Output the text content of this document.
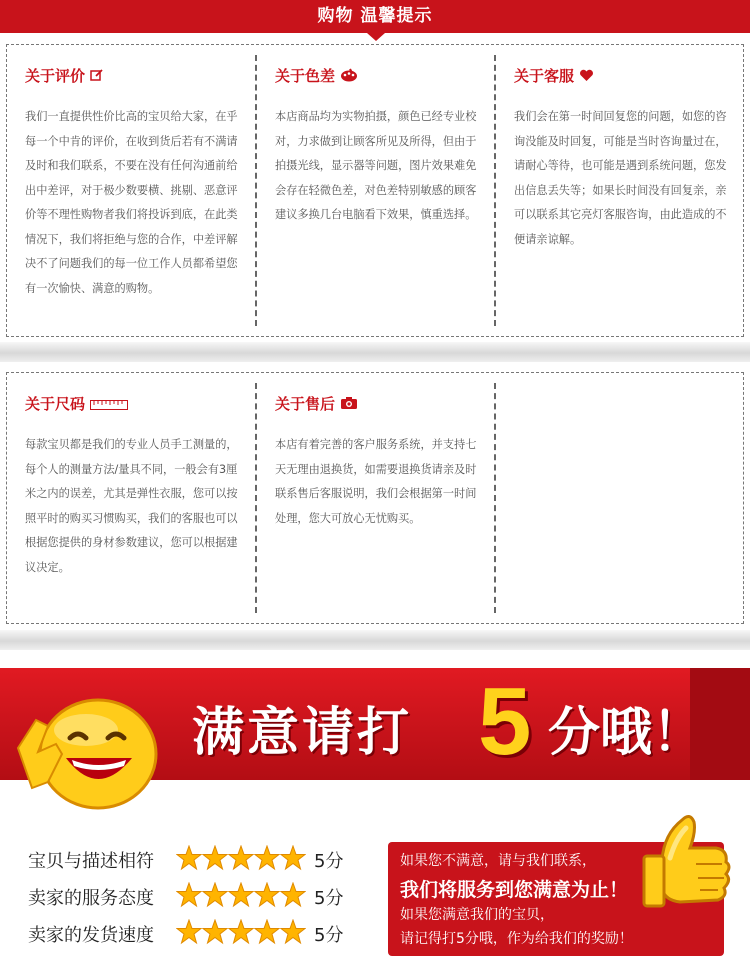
购物 温馨提示
关于评价
我们一直提供性价比高的宝贝给大家，在乎每一个中肯的评价，在收到货后若有不满请及时和我们联系，不要在没有任何沟通前给出中差评，对于极少数要横、挑剔、恶意评价等不理性购物者我们将投诉到底，在此类情况下，我们将拒绝与您的合作，中差评解决不了问题我们的每一位工作人员都希望您有一次愉快、满意的购物。
关于色差
本店商品均为实物拍摄，颜色已经专业校对，力求做到让顾客所见及所得，但由于拍摄光线，显示器等问题，图片效果难免会存在轻微色差，对色差特别敏感的顾客建议多换几台电脑看下效果，慎重选择。
关于客服
我们会在第一时间回复您的问题，如您的咨询没能及时回复，可能是当时咨询量过在，请耐心等待，也可能是遇到系统问题，您发出信息丢失等；如果长时间没有回复亲，亲可以联系其它亮灯客服咨询，由此造成的不便请亲谅解。
关于尺码
每款宝贝都是我们的专业人员手工测量的，每个人的测量方法/量具不同，一般会有3厘米之内的误差，尤其是弹性衣服，您可以按照平时的购买习惯购买，我们的客服也可以根据您提供的身材参数建议，您可以根据建议决定。
关于售后
本店有着完善的客户服务系统，并支持七天无理由退换货，如需要退换货请亲及时联系售后客服说明，我们会根据第一时间处理，您大可放心无忧购买。
满意请打 5 分哦！
宝贝与描述相符	5分
卖家的服务态度	5分
卖家的发货速度	5分
如果您不满意，请与我们联系，
我们将服务到您满意为止！
如果您满意我们的宝贝，
请记得打5分哦，作为给我们的奖励！
